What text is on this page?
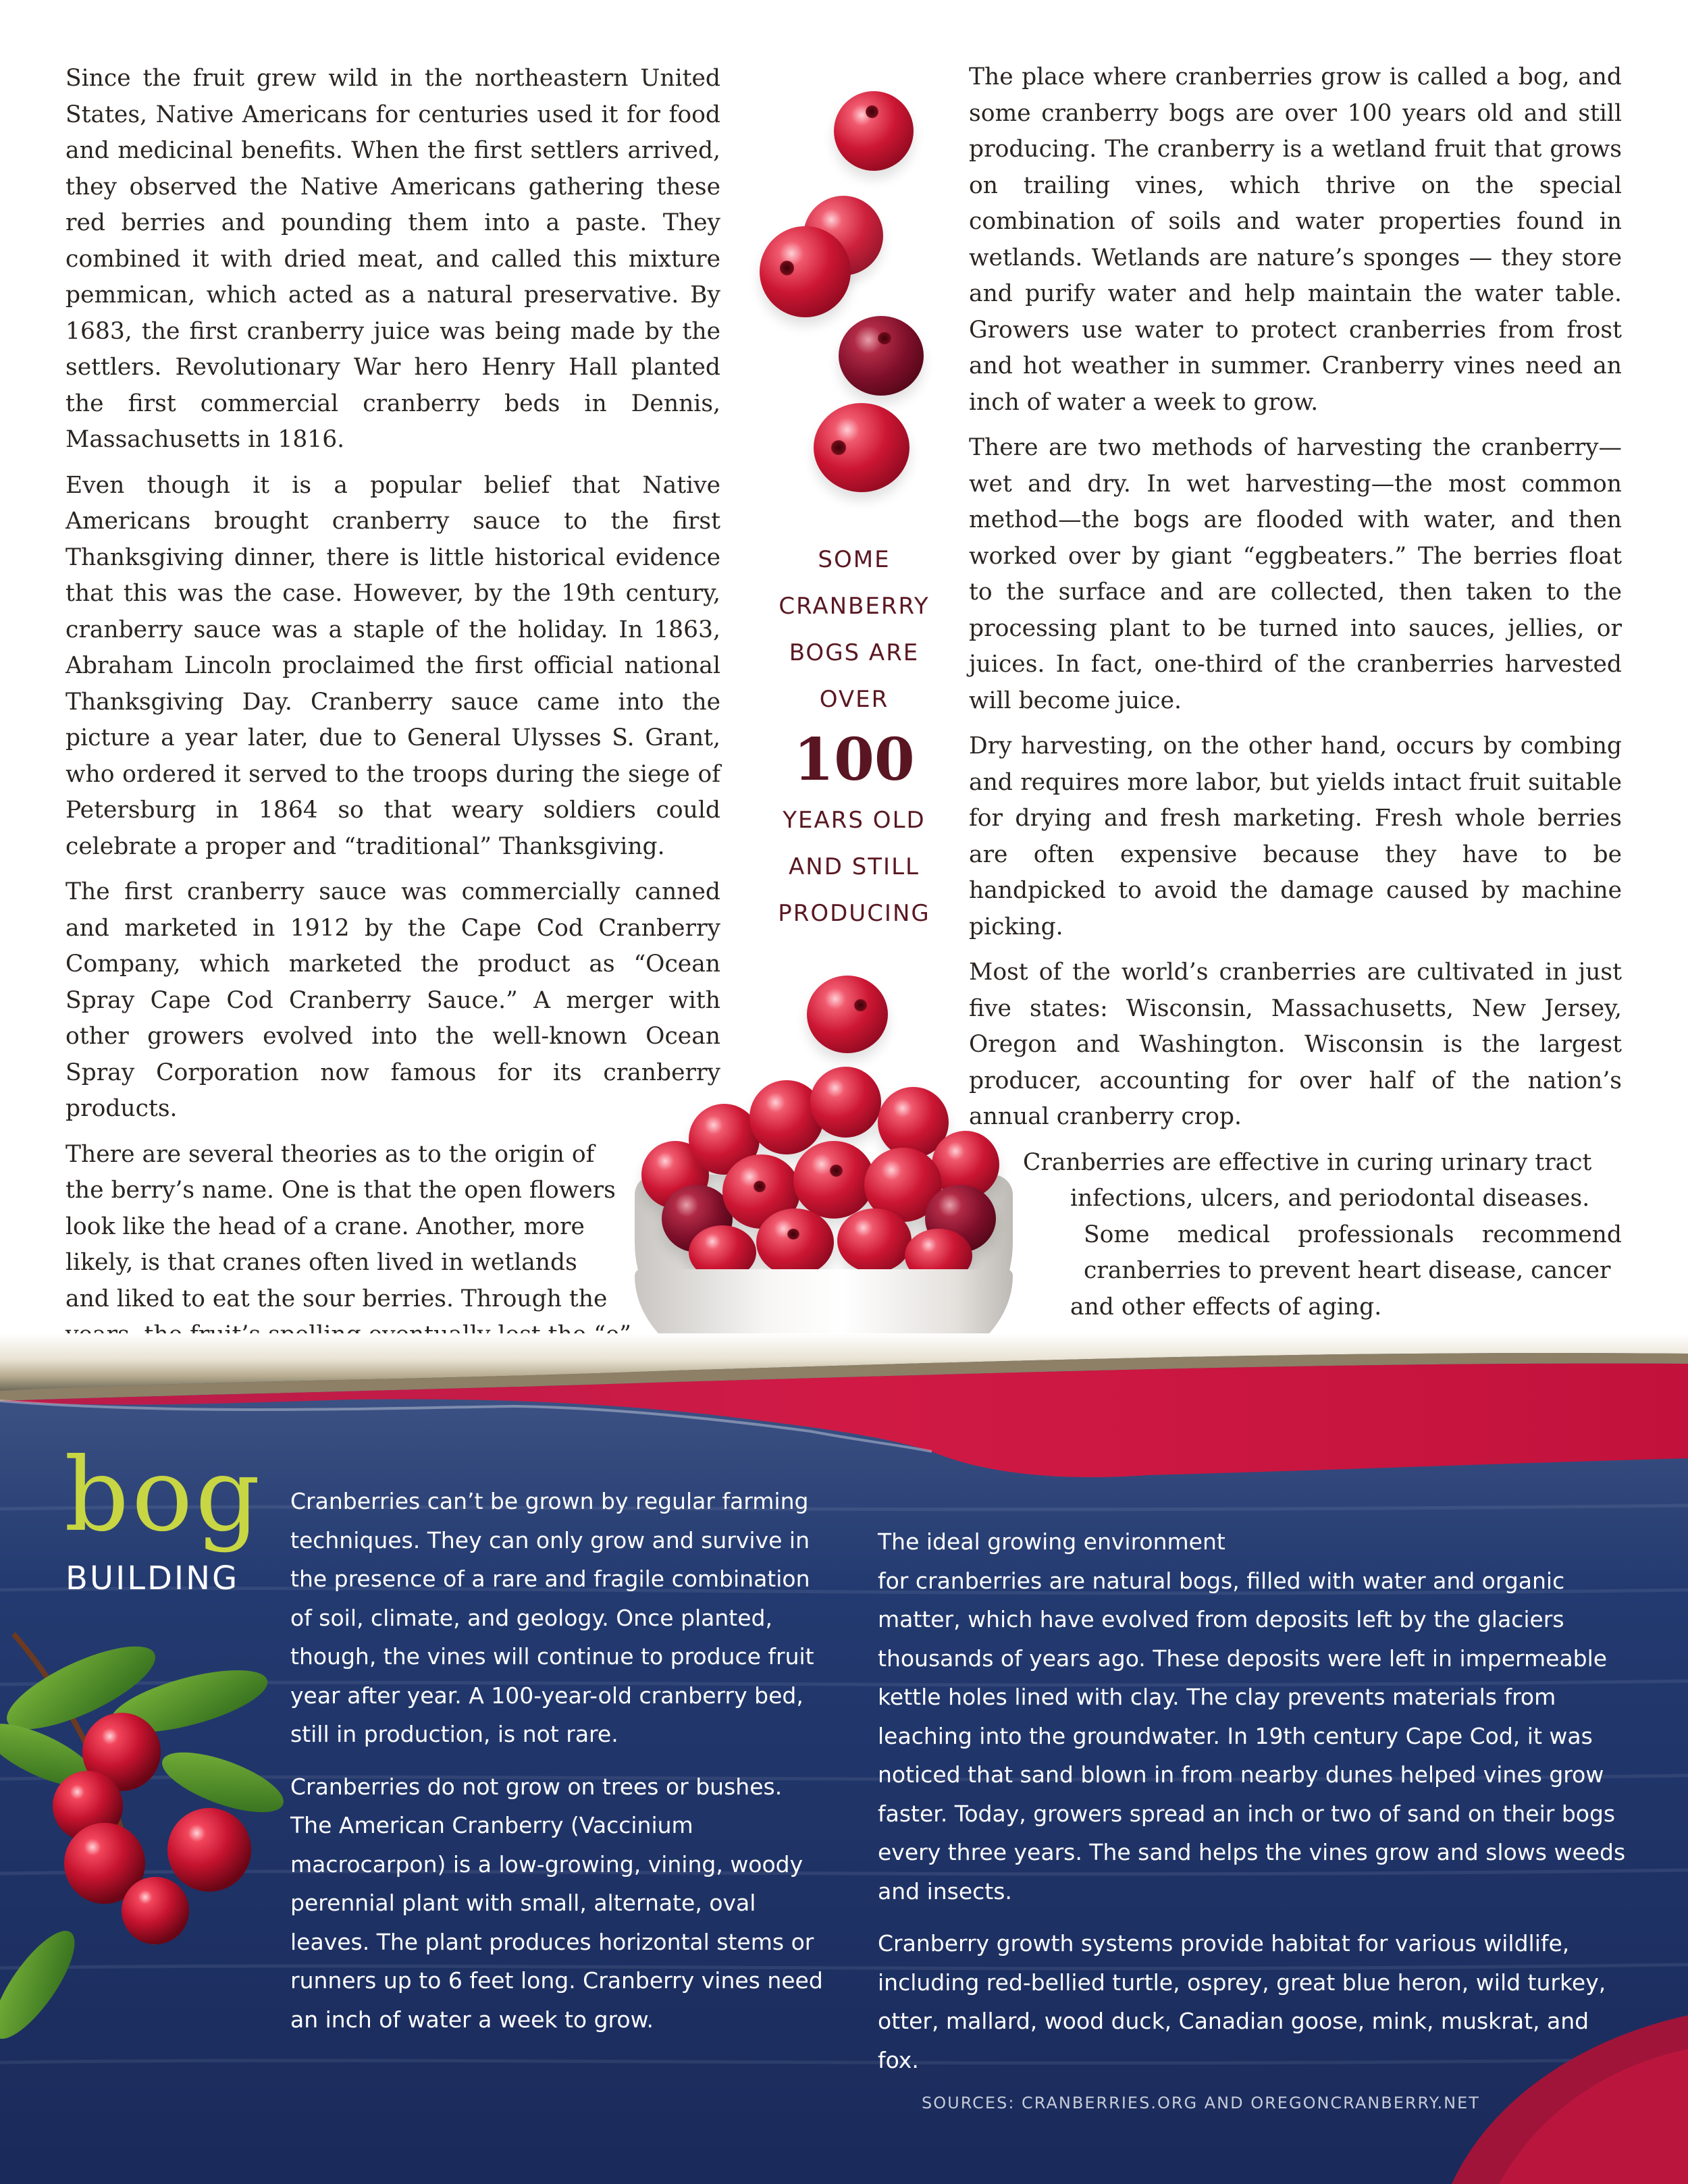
Since the fruit grew wild in the northeastern United States, Native Americans for centuries used it for food and medicinal benefits. When the first settlers arrived, they observed the Native Americans gathering these red berries and pounding them into a paste. They combined it with dried meat, and called this mixture pemmican, which acted as a natural preservative. By 1683, the first cranberry juice was being made by the settlers. Revolutionary War hero Henry Hall planted the first commercial cranberry beds in Dennis, Massachusetts in 1816.

Even though it is a popular belief that Native Americans brought cranberry sauce to the first Thanksgiving dinner, there is little historical evidence that this was the case. However, by the 19th century, cranberry sauce was a staple of the holiday. In 1863, Abraham Lincoln proclaimed the first official national Thanksgiving Day. Cranberry sauce came into the picture a year later, due to General Ulysses S. Grant, who ordered it served to the troops during the siege of Petersburg in 1864 so that weary soldiers could celebrate a proper and “traditional” Thanksgiving.

The first cranberry sauce was commercially canned and marketed in 1912 by the Cape Cod Cranberry Company, which marketed the product as “Ocean Spray Cape Cod Cranberry Sauce.” A merger with other growers evolved into the well-known Ocean Spray Corporation now famous for its cranberry products.

There are several theories as to the origin of
the berry’s name. One is that the open flowers
look like the head of a crane. Another, more
likely, is that cranes often lived in wetlands
and liked to eat the sour berries. Through the
SOME
CRANBERRY
BOGS ARE
OVER
100
YEARS OLD
AND STILL
PRODUCING

The place where cranberries grow is called a bog, and some cranberry bogs are over 100 years old and still producing. The cranberry is a wetland fruit that grows on trailing vines, which thrive on the special combination of soils and water properties found in wetlands. Wetlands are nature’s sponges — they store and purify water and help maintain the water table. Growers use water to protect cranberries from frost and hot weather in summer. Cranberry vines need an inch of water a week to grow.

There are two methods of harvesting the cranberry—wet and dry. In wet harvesting—the most common method—the bogs are flooded with water, and then worked over by giant “eggbeaters.” The berries float to the surface and are collected, then taken to the processing plant to be turned into sauces, jellies, or juices. In fact, one-third of the cranberries harvested will become juice.

Dry harvesting, on the other hand, occurs by combing and requires more labor, but yields intact fruit suitable for drying and fresh marketing. Fresh whole berries are often expensive because they have to be handpicked to avoid the damage caused by machine picking.

Most of the world’s cranberries are cultivated in just five states: Wisconsin, Massachusetts, New Jersey, Oregon and Washington. Wisconsin is the largest producer, accounting for over half of the nation’s annual cranberry crop.

Cranberries are effective in curing urinary tract
infections, ulcers, and periodontal diseases.
Some medical professionals recommend
cranberries to prevent heart disease, cancer
and other effects of aging.
bog
BUILDING

Cranberries can’t be grown by regular farming techniques. They can only grow and survive in the presence of a rare and fragile combination of soil, climate, and geology. Once planted, though, the vines will continue to produce fruit year after year. A 100-year-old cranberry bed, still in production, is not rare.

Cranberries do not grow on trees or bushes. The American Cranberry (Vaccinium macrocarpon) is a low-growing, vining, woody perennial plant with small, alternate, oval leaves. The plant produces horizontal stems or runners up to 6 feet long. Cranberry vines need an inch of water a week to grow.

The ideal growing environment

for cranberries are natural bogs, filled with water and organic matter, which have evolved from deposits left by the glaciers thousands of years ago. These deposits were left in impermeable kettle holes lined with clay. The clay prevents materials from leaching into the groundwater. In 19th century Cape Cod, it was noticed that sand blown in from nearby dunes helped vines grow faster. Today, growers spread an inch or two of sand on their bogs every three years. The sand helps the vines grow and slows weeds and insects.

Cranberry growth systems provide habitat for various wildlife, including red-bellied turtle, osprey, great blue heron, wild turkey, otter, mallard, wood duck, Canadian goose, mink, muskrat, and fox.

SOURCES: CRANBERRIES.ORG AND OREGONCRANBERRY.NET
